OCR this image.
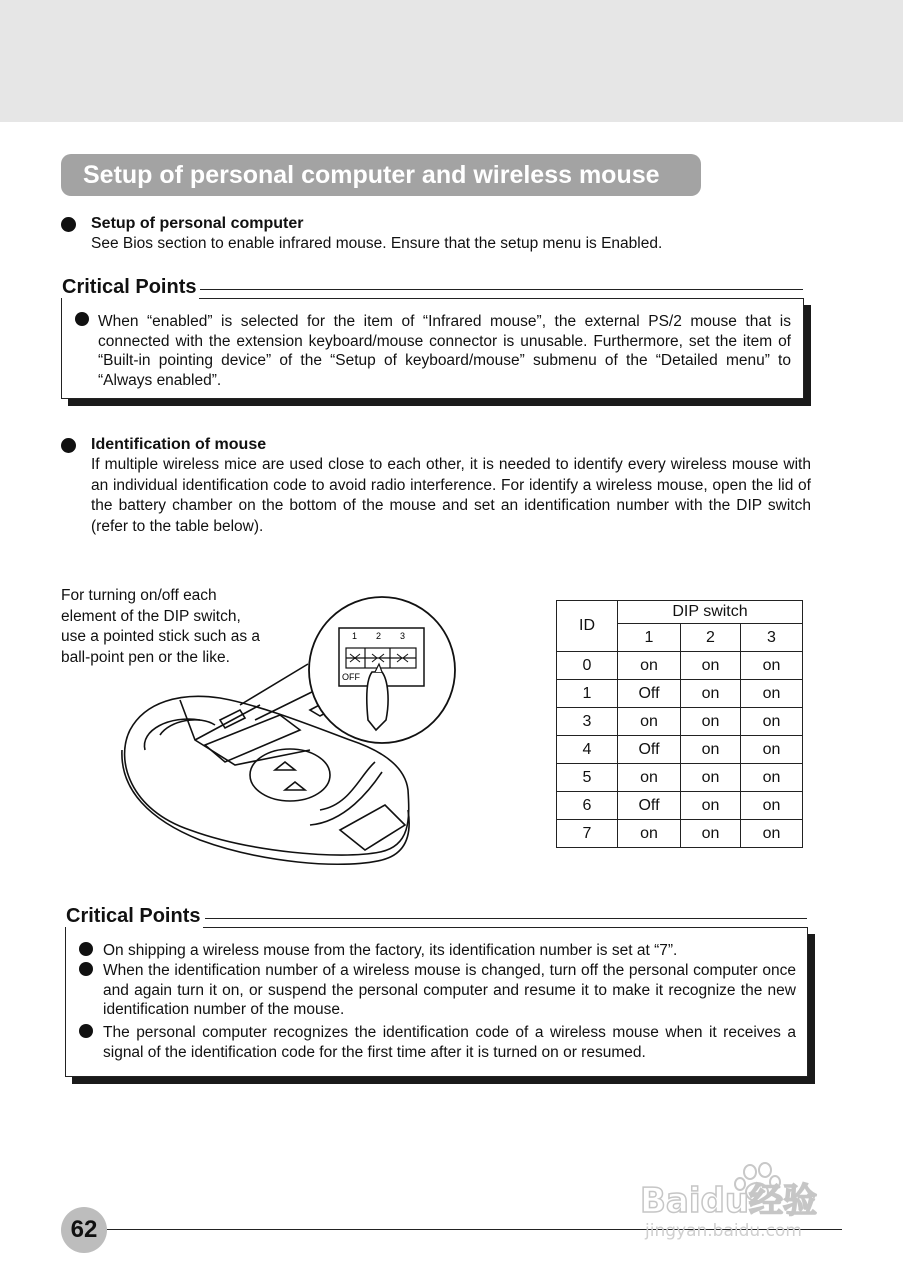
Setup of personal computer and wireless mouse
Setup of personal computer
See Bios section to enable infrared mouse. Ensure that the setup menu is Enabled.
Critical Points
When “enabled” is selected for the item of “Infrared mouse”, the external PS/2 mouse that is connected with the extension keyboard/mouse connector is unusable. Furthermore, set the item of “Built-in pointing device” of the “Setup of keyboard/mouse” submenu of the “Detailed menu” to “Always enabled”.
Identification of mouse
If multiple wireless mice are used close to each other, it is needed to identify every wireless mouse with an individual identification code to avoid radio interference. For identify a wireless mouse, open the lid of the battery chamber on the bottom of the mouse and set an identification number with the DIP switch (refer to the table below).
For turning on/off each element of the DIP switch, use a pointed stick such as a ball-point pen or the like.
1 2 3
OFF
ID	DIP switch		
	1	2	3
0	on	on	on
1	Off	on	on
3	on	on	on
4	Off	on	on
5	on	on	on
6	Off	on	on
7	on	on	on
Critical Points
On shipping a wireless mouse from the factory, its identification number is set at “7”.
When the identification number of a wireless mouse is changed, turn off the personal computer once and again turn it on, or suspend the personal computer and resume it to make it recognize the new identification number of the mouse.
The personal computer recognizes the identification code of a wireless mouse when it receives a signal of the identification code for the first time after it is turned on or resumed.
62
Baidu经验
jingyan.baidu.com
